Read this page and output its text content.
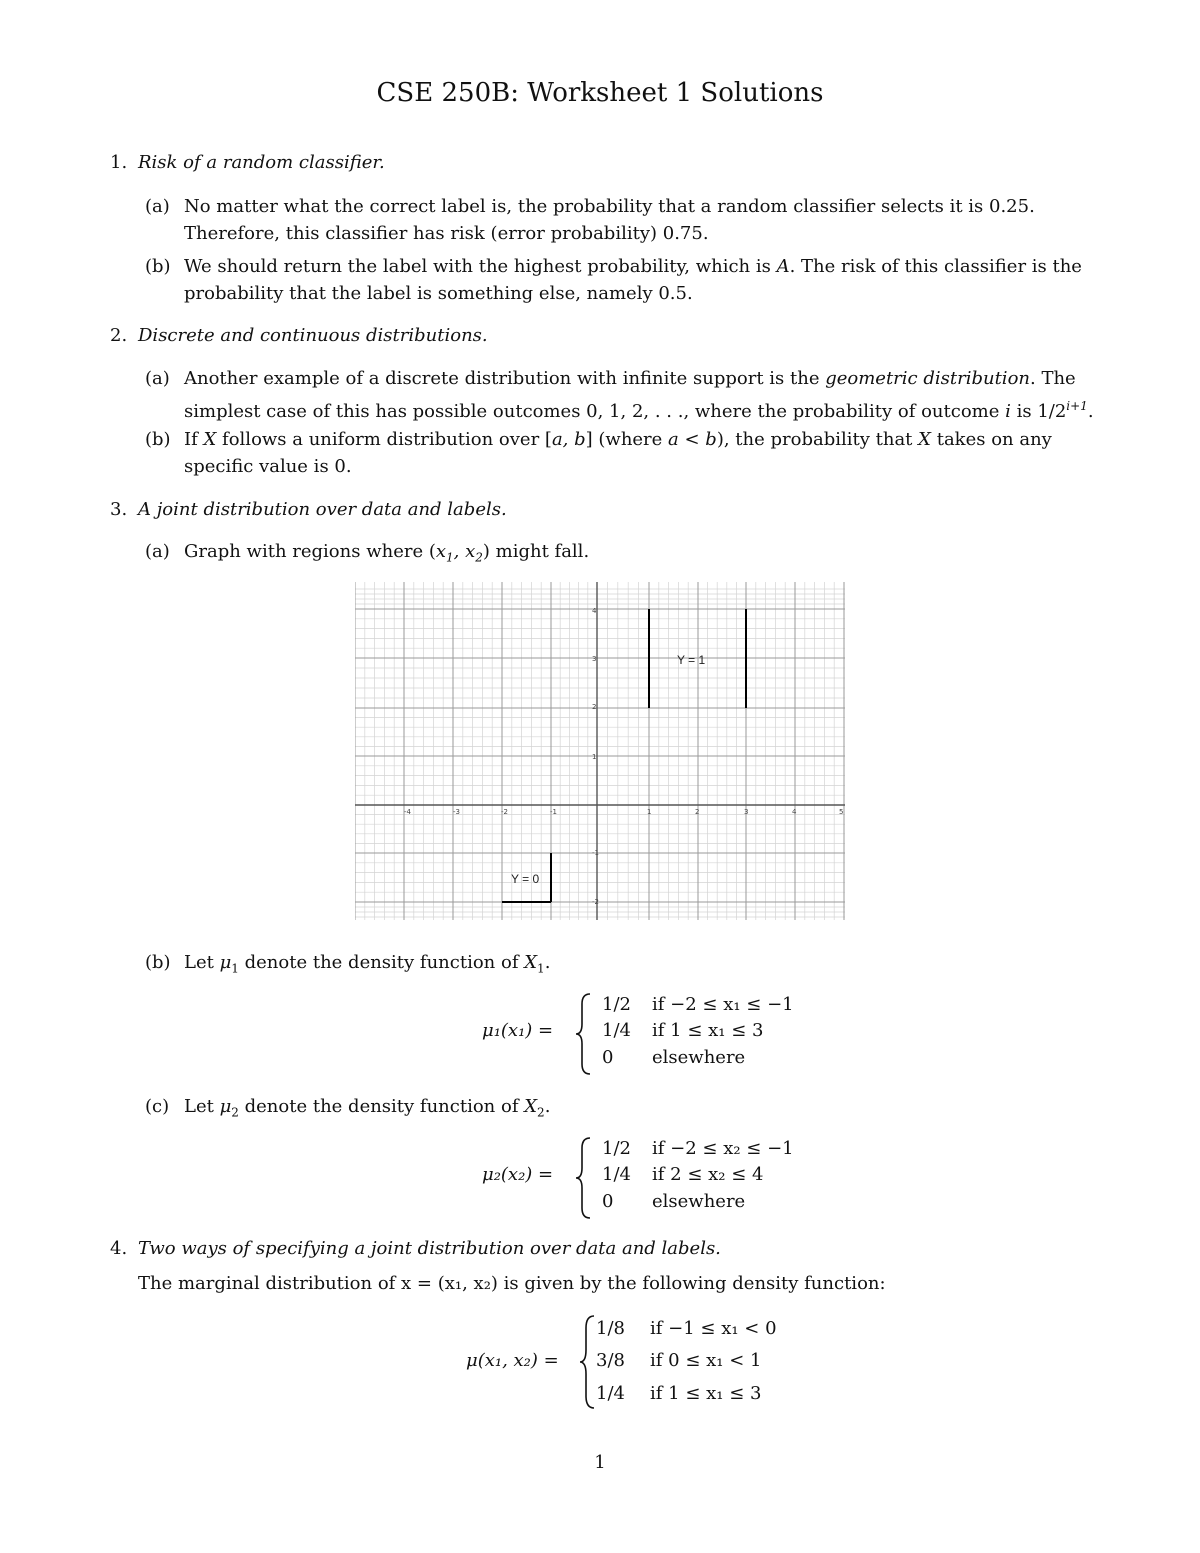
CSE 250B: Worksheet 1 Solutions
1. Risk of a random classifier.
(a) No matter what the correct label is, the probability that a random classifier selects it is 0.25.
Therefore, this classifier has risk (error probability) 0.75.
(b) We should return the label with the highest probability, which is A. The risk of this classifier is the
probability that the label is something else, namely 0.5.
2. Discrete and continuous distributions.
(a) Another example of a discrete distribution with infinite support is the geometric distribution. The
simplest case of this has possible outcomes 0, 1, 2, . . ., where the probability of outcome i is $1/2^{i+1}$.
(b) If X follows a uniform distribution over [a, b] (where a < b), the probability that X takes on any
specific value is 0.
3. A joint distribution over data and labels.
(a) Graph with regions where ($x_1$, $x_2$) might fall.
Y = 1
Y = 0
-4	-3	-2	-1	1	2	3	4	5
4
3
2
1
-1
-2
(b) Let $\mu_1$ denote the density function of $X_1$.
μ₁(x₁) =
1/2 if −2 ≤ x₁ ≤ −1
1/4 if 1 ≤ x₁ ≤ 3
0 elsewhere
(c) Let $\mu_2$ denote the density function of $X_2$.
μ₂(x₂) =
1/2 if −2 ≤ x₂ ≤ −1
1/4 if 2 ≤ x₂ ≤ 4
0 elsewhere
4. Two ways of specifying a joint distribution over data and labels.
The marginal distribution of x = (x₁, x₂) is given by the following density function:
μ(x₁, x₂) =
1/8 if −1 ≤ x₁ < 0
3/8 if 0 ≤ x₁ < 1
1/4 if 1 ≤ x₁ ≤ 3
1
